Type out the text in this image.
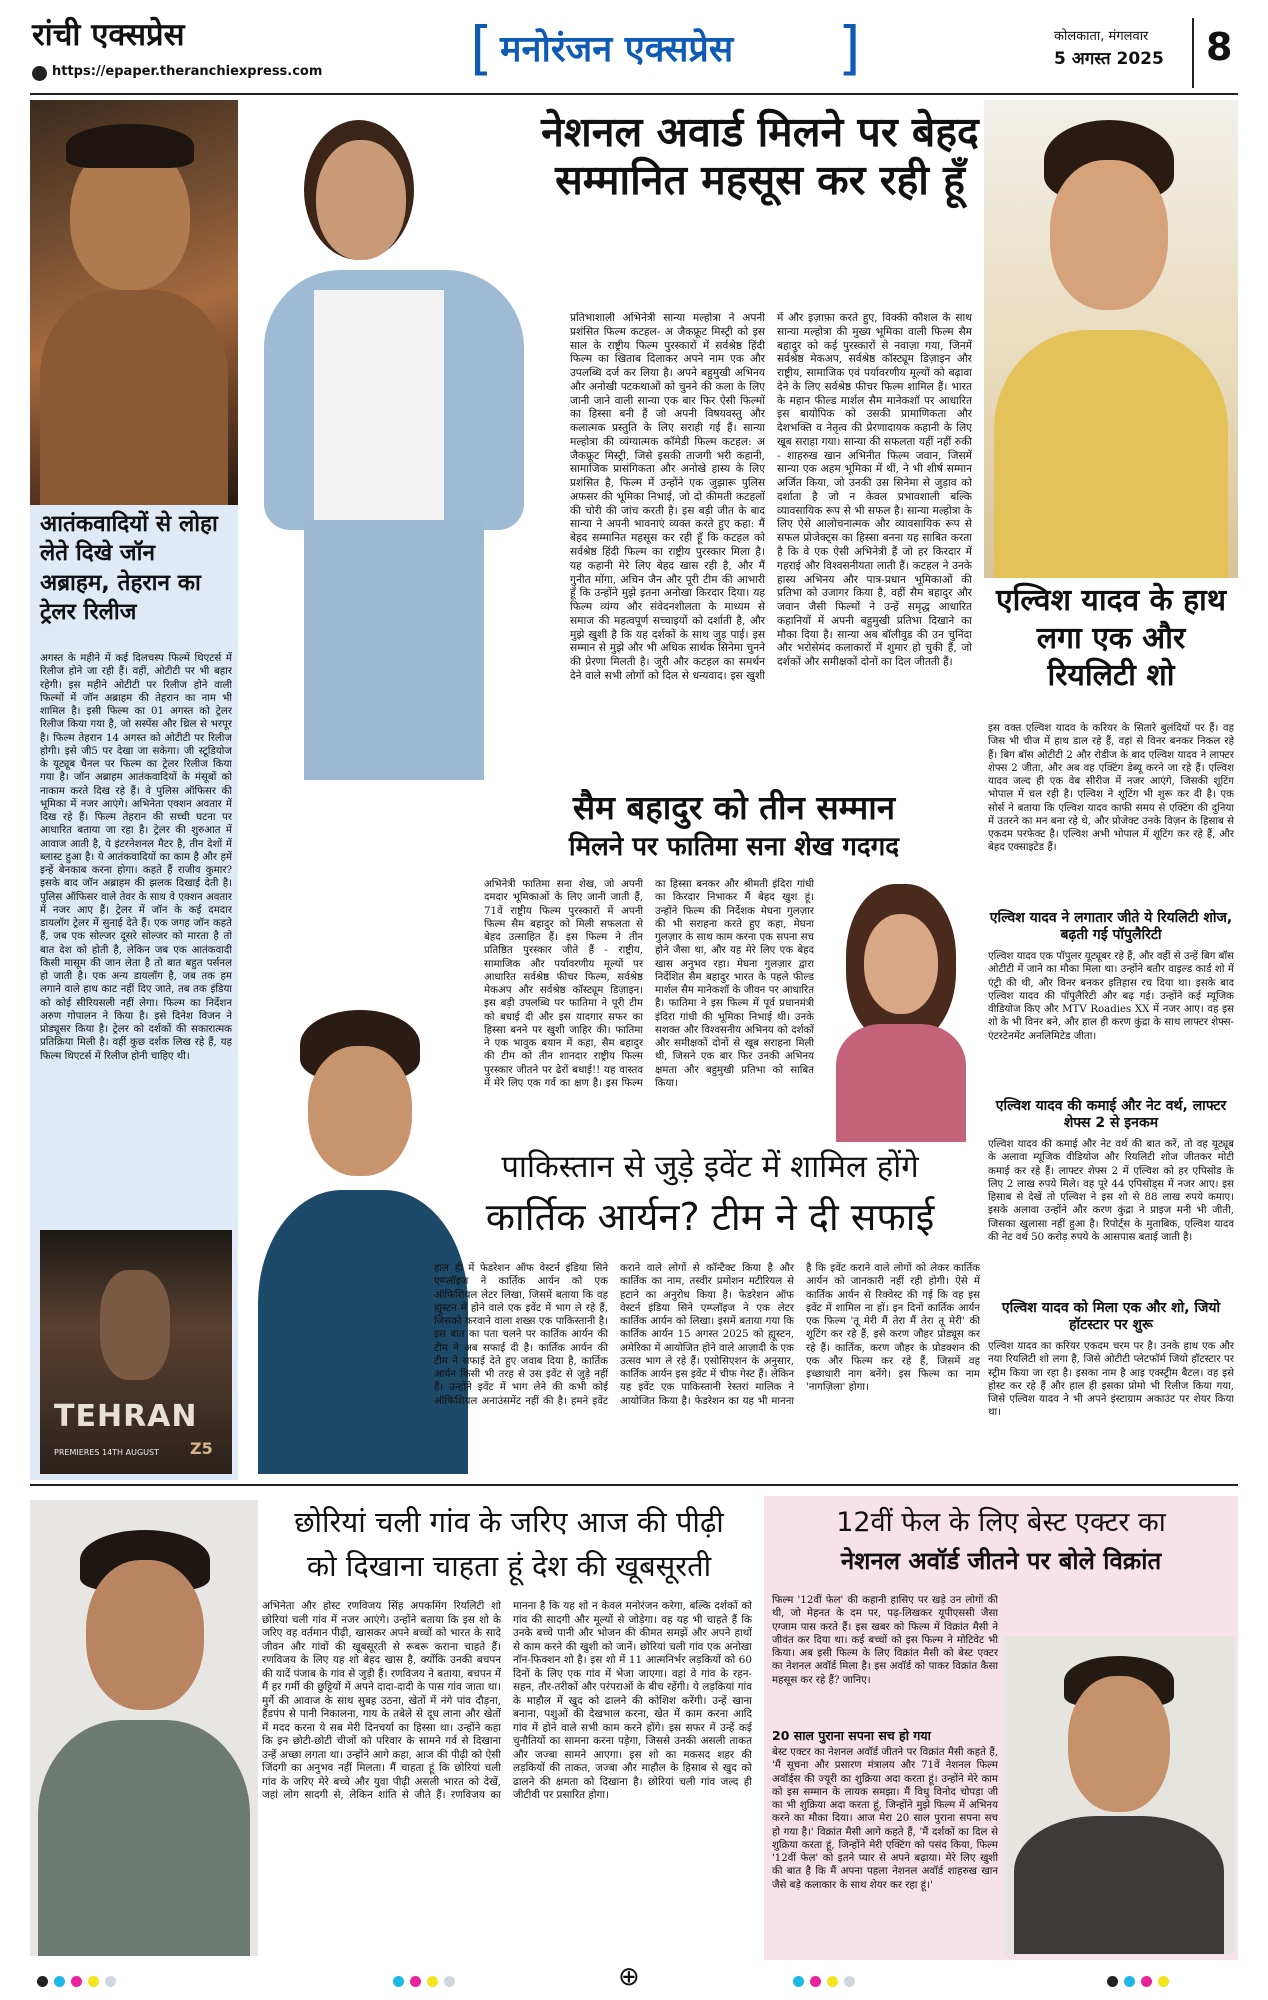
रांची एक्सप्रेस
https://epaper.theranchiexpress.com	[ मनोरंजन एक्सप्रेस ]	कोलकाता, मंगलवार
5 अगस्त 2025 8
आतंकवादियों से लोहा लेते दिखे जॉन अब्राहम, तेहरान का ट्रेलर रिलीज
अगस्त के महीने में कई दिलचस्प फिल्में थिएटर्स में रिलीज होने जा रही हैं। वहीं, ओटीटी पर भी बहार रहेगी। इस महीने ओटीटी पर रिलीज होने वाली फिल्मों में जॉन अब्राहम की तेहरान का नाम भी शामिल है। इसी फिल्म का 01 अगस्त को ट्रेलर रिलीज किया गया है, जो सस्पेंस और थ्रिल से भरपूर है। फिल्म तेहरान 14 अगस्त को ओटीटी पर रिलीज होगी। इसे जी5 पर देखा जा सकेगा। जी स्टूडियोज के यूट्यूब चैनल पर फिल्म का ट्रेलर रिलीज किया गया है। जॉन अब्राहम आतंकवादियों के मंसूबों को नाकाम करते दिख रहे हैं। वे पुलिस ऑफिसर की भूमिका में नजर आएंगे। अभिनेता एक्शन अवतार में दिख रहे हैं। फिल्म तेहरान की सच्ची घटना पर आधारित बताया जा रहा है। ट्रेलर की शुरुआत में आवाज आती है, ये इंटरनेशनल मैटर है, तीन देशों में ब्लास्ट हुआ है। ये आतंकवादियों का काम है और हमें इन्हें बेनकाब करना होगा। कहते हैं राजीव कुमार? इसके बाद जॉन अब्राहम की झलक दिखाई देती है। पुलिस ऑफिसर वाले तेवर के साथ वे एक्शन अवतार में नजर आए हैं। ट्रेलर में जॉन के कई दमदार डायलॉग ट्रेलर में सुनाई देते हैं। एक जगह जॉन कहते हैं, जब एक सोल्जर दूसरे सोल्जर को मारता है तो बात देश को होती है, लेकिन जब एक आतंकवादी किसी मासूम की जान लेता है तो बात बहुत पर्सनल हो जाती है। एक अन्य डायलॉग है, जब तक हम लगाने वाले हाथ काट नहीं दिए जाते, तब तक इंडिया को कोई सीरियसली नहीं लेगा। फिल्म का निर्देशन अरुण गोपालन ने किया है। इसे दिनेश विजन ने प्रोड्यूसर किया है। ट्रेलर को दर्शकों की सकारात्मक प्रतिक्रिया मिली है। वहीं कुछ दर्शक लिख रहे हैं, यह फिल्म थिएटर्स में रिलीज होनी चाहिए थी।
TEHRAN
PREMIERES 14TH AUGUST Z5
नेशनल अवार्ड मिलने पर बेहद सम्मानित महसूस कर रही हूँ
प्रतिभाशाली अभिनेत्री सान्या मल्होत्रा ने अपनी प्रशंसित फिल्म कटहल- अ जैकफ्रूट मिस्ट्री को इस साल के राष्ट्रीय फिल्म पुरस्कारों में सर्वश्रेष्ठ हिंदी फिल्म का खिताब दिलाकर अपने नाम एक और उपलब्धि दर्ज कर लिया है। अपने बहुमुखी अभिनय और अनोखी पटकथाओं को चुनने की कला के लिए जानी जाने वाली सान्या एक बार फिर ऐसी फिल्मों का हिस्सा बनी हैं जो अपनी विषयवस्तु और कलात्मक प्रस्तुति के लिए सराही गई हैं। सान्या मल्होत्रा की व्यंग्यात्मक कॉमेडी फिल्म कटहल: अ जैकफ्रूट मिस्ट्री, जिसे इसकी ताजगी भरी कहानी, सामाजिक प्रासंगिकता और अनोखे हास्य के लिए प्रशंसित है, फिल्म में उन्होंने एक जुझारू पुलिस अफसर की भूमिका निभाई, जो दो कीमती कटहलों की चोरी की जांच करती है। इस बड़ी जीत के बाद सान्या ने अपनी भावनाएं व्यक्त करते हुए कहा: मैं बेहद सम्मानित महसूस कर रही हूँ कि कटहल को सर्वश्रेष्ठ हिंदी फिल्म का राष्ट्रीय पुरस्कार मिला है। यह कहानी मेरे लिए बेहद खास रही है, और मैं गुनीत मोंगा, अचिन जैन और पूरी टीम की आभारी हूँ कि उन्होंने मुझे इतना अनोखा किरदार दिया। यह फिल्म व्यंग्य और संवेदनशीलता के माध्यम से समाज की महत्वपूर्ण सच्चाइयों को दर्शाती है, और मुझे खुशी है कि यह दर्शकों के साथ जुड़ पाई। इस सम्मान से मुझे और भी अधिक सार्थक सिनेमा चुनने की प्रेरणा मिलती है। जूरी और कटहल का समर्थन देने वाले सभी लोगों को दिल से धन्यवाद। इस खुशी में और इज़ाफ़ा करते हुए, विक्की कौशल के साथ सान्या मल्होत्रा की मुख्य भूमिका वाली फिल्म सैम बहादुर को कई पुरस्कारों से नवाज़ा गया, जिनमें सर्वश्रेष्ठ मेकअप, सर्वश्रेष्ठ कॉस्ट्यूम डिज़ाइन और राष्ट्रीय, सामाजिक एवं पर्यावरणीय मूल्यों को बढ़ावा देने के लिए सर्वश्रेष्ठ फीचर फिल्म शामिल हैं। भारत के महान फील्ड मार्शल सैम मानेकशॉ पर आधारित इस बायोपिक को उसकी प्रामाणिकता और देशभक्ति व नेतृत्व की प्रेरणादायक कहानी के लिए खूब सराहा गया। सान्या की सफलता यहीं नहीं रुकी - शाहरुख खान अभिनीत फिल्म जवान, जिसमें सान्या एक अहम भूमिका में थीं, ने भी शीर्ष सम्मान अर्जित किया, जो उनकी उस सिनेमा से जुड़ाव को दर्शाता है जो न केवल प्रभावशाली बल्कि व्यावसायिक रूप से भी सफल है। सान्या मल्होत्रा के लिए ऐसे आलोचनात्मक और व्यावसायिक रूप से सफल प्रोजेक्ट्स का हिस्सा बनना यह साबित करता है कि वे एक ऐसी अभिनेत्री हैं जो हर किरदार में गहराई और विश्वसनीयता लाती हैं। कटहल ने उनके हास्य अभिनय और पात्र-प्रधान भूमिकाओं की प्रतिभा को उजागर किया है, वहीं सैम बहादुर और जवान जैसी फिल्मों ने उन्हें समृद्ध आधारित कहानियों में अपनी बहुमुखी प्रतिभा दिखाने का मौका दिया है। सान्या अब बॉलीवुड की उन चुनिंदा और भरोसेमंद कलाकारों में शुमार हो चुकी हैं, जो दर्शकों और समीक्षकों दोनों का दिल जीतती हैं।
सैम बहादुर को तीन सम्मान
मिलने पर फातिमा सना शेख गदगद
अभिनेत्री फातिमा सना शेख, जो अपनी दमदार भूमिकाओं के लिए जानी जाती हैं, 71वें राष्ट्रीय फिल्म पुरस्कारों में अपनी फिल्म सैम बहादुर को मिली सफलता से बेहद उत्साहित हैं। इस फिल्म ने तीन प्रतिष्ठित पुरस्कार जीते हैं - राष्ट्रीय, सामाजिक और पर्यावरणीय मूल्यों पर आधारित सर्वश्रेष्ठ फीचर फिल्म, सर्वश्रेष्ठ मेकअप और सर्वश्रेष्ठ कॉस्ट्यूम डिज़ाइन। इस बड़ी उपलब्धि पर फातिमा ने पूरी टीम को बधाई दी और इस यादगार सफर का हिस्सा बनने पर खुशी जाहिर की। फातिमा ने एक भावुक बयान में कहा, सैम बहादुर की टीम को तीन शानदार राष्ट्रीय फिल्म पुरस्कार जीतने पर ढेरों बधाई!! यह वास्तव में मेरे लिए एक गर्व का क्षण है। इस फिल्म का हिस्सा बनकर और श्रीमती इंदिरा गांधी का किरदार निभाकर मैं बेहद खुश हूं। उन्होंने फिल्म की निर्देशक मेघना गुलज़ार की भी सराहना करते हुए कहा, मेघना गुलज़ार के साथ काम करना एक सपना सच होने जैसा था, और यह मेरे लिए एक बेहद खास अनुभव रहा। मेघना गुलज़ार द्वारा निर्देशित सैम बहादुर भारत के पहले फील्ड मार्शल सैम मानेकशॉ के जीवन पर आधारित है। फातिमा ने इस फिल्म में पूर्व प्रधानमंत्री इंदिरा गांधी की भूमिका निभाई थी। उनके सशक्त और विश्वसनीय अभिनय को दर्शकों और समीक्षकों दोनों से खूब सराहना मिली थी, जिसने एक बार फिर उनकी अभिनय क्षमता और बहुमुखी प्रतिभा को साबित किया।
एल्विश यादव के हाथ लगा एक और रियलिटी शो
इस वक्त एल्विश यादव के करियर के सितारे बुलंदियों पर हैं। वह जिस भी चीज में हाथ डाल रहे हैं, वहां से विनर बनकर निकल रहे हैं। बिग बॉस ओटीटी 2 और रोडीज के बाद एल्विश यादव ने लाफ्टर शेफ्स 2 जीता, और अब वह एक्टिंग डेब्यू करने जा रहे हैं। एल्विश यादव जल्द ही एक वेब सीरीज में नजर आएंगे, जिसकी शूटिंग भोपाल में चल रही है। एल्विश ने शूटिंग भी शुरू कर दी है। एक सोर्स ने बताया कि एल्विश यादव काफी समय से एक्टिंग की दुनिया में उतरने का मन बना रहे थे, और प्रोजेक्ट उनके विज़न के हिसाब से एकदम परफेक्ट है। एल्विश अभी भोपाल में शूटिंग कर रहे हैं, और बेहद एक्साइटेड हैं।
एल्विश यादव ने लगातार जीते ये रियलिटी शोज, बढ़ती गई पॉपुलैरिटी
एल्विश यादव एक पॉपुलर यूट्यूबर रहे हैं, और वहीं से उन्हें बिग बॉस ओटीटी में जाने का मौका मिला था। उन्होंने बतौर वाइल्ड कार्ड शो में एंट्री की थी, और विनर बनकर इतिहास रच दिया था। इसके बाद एल्विश यादव की पॉपुलैरिटी और बढ़ गई। उन्होंने कई म्यूजिक वीडियोज किए और MTV Roadies XX में नजर आए। वह इस शो के भी विनर बने, और हाल ही करण कुंद्रा के साथ लाफ्टर शेफ्स- एंटरटेनमेंट अनलिमिटेड जीता।
एल्विश यादव की कमाई और नेट वर्थ, लाफ्टर शेफ्स 2 से इनकम
एल्विश यादव की कमाई और नेट वर्थ की बात करें, तो वह यूट्यूब के अलावा म्यूजिक वीडियोज और रियलिटी शोज जीतकर मोटी कमाई कर रहे हैं। लाफ्टर शेफ्स 2 में एल्विश को हर एपिसोड के लिए 2 लाख रुपये मिले। वह पूरे 44 एपिसोड्स में नजर आए। इस हिसाब से देखें तो एल्विश ने इस शो से 88 लाख रुपये कमाए। इसके अलावा उन्होंने और करण कुंद्रा ने प्राइज मनी भी जीती, जिसका खुलासा नहीं हुआ है। रिपोर्ट्स के मुताबिक, एल्विश यादव की नेट वर्थ 50 करोड़ रुपये के आसपास बताई जाती है।
एल्विश यादव को मिला एक और शो, जियो हॉटस्टार पर शुरू
एल्विश यादव का करियर एकदम चरम पर है। उनके हाथ एक और नया रियलिटी शो लगा है, जिसे ओटीटी प्लेटफॉर्म जियो हॉटस्टार पर स्ट्रीम किया जा रहा है। इसका नाम है आइ एक्स्ट्रीम बैटल। वह इसे होस्ट कर रहे हैं और हाल ही इसका प्रोमो भी रिलीज किया गया, जिसे एल्विश यादव ने भी अपने इंस्टाग्राम अकाउंट पर शेयर किया था।
पाकिस्तान से जुड़े इवेंट में शामिल होंगे
कार्तिक आर्यन? टीम ने दी सफाई
हाल ही में फेडरेशन ऑफ वेस्टर्न इंडिया सिने एम्प्लॉइज ने कार्तिक आर्यन को एक ऑफिशियल लेटर लिखा, जिसमें बताया कि वह ह्यूस्टन में होने वाले एक इवेंट में भाग ले रहे हैं, जिसको करवाने वाला शख्स एक पाकिस्तानी है। इस बात का पता चलने पर कार्तिक आर्यन की टीम ने अब सफाई दी है। कार्तिक आर्यन की टीम ने सफाई देते हुए जवाब दिया है, कार्तिक आर्यन किसी भी तरह से उस इवेंट से जुड़े नहीं हैं। उन्होंने इवेंट में भाग लेने की कभी कोई ऑफिशियल अनाउंसमेंट नहीं की है। हमने इवेंट कराने वाले लोगों से कॉन्टैक्ट किया है और कार्तिक का नाम, तस्वीर प्रमोशन मटीरियल से हटाने का अनुरोध किया है। फेडरेशन ऑफ वेस्टर्न इंडिया सिने एम्प्लॉइज ने एक लेटर कार्तिक आर्यन को लिखा। इसमें बताया गया कि कार्तिक आर्यन 15 अगस्त 2025 को ह्यूस्टन, अमेरिका में आयोजित होने वाले आज़ादी के एक उत्सव भाग ले रहे हैं। एसोसिएशन के अनुसार, कार्तिक आर्यन इस इवेंट में चीफ गेस्ट हैं। लेकिन यह इवेंट एक पाकिस्तानी रेस्तरां मालिक ने आयोजित किया है। फेडरेशन का यह भी मानना है कि इवेंट कराने वाले लोगों को लेकर कार्तिक आर्यन को जानकारी नहीं रही होगी। ऐसे में कार्तिक आर्यन से रिक्वेस्ट की गई कि वह इस इवेंट में शामिल ना हों। इन दिनों कार्तिक आर्यन एक फिल्म 'तू मेरी मैं तेरा मैं तेरा तू मेरी' की शूटिंग कर रहे हैं, इसे करण जौहर प्रोड्यूस कर रहे हैं। कार्तिक, करण जौहर के प्रोडक्शन की एक और फिल्म कर रहे हैं, जिसमें वह इच्छाधारी नाग बनेंगे। इस फिल्म का नाम 'नागज़िला' होगा।
छोरियां चली गांव के जरिए आज की पीढ़ी
को दिखाना चाहता हूं देश की खूबसूरती
अभिनेता और होस्ट रणविजय सिंह अपकमिंग रियलिटी शो छोरियां चली गांव में नजर आएंगे। उन्होंने बताया कि इस शो के जरिए वह वर्तमान पीढ़ी, खासकर अपने बच्चों को भारत के सादे जीवन और गांवों की खूबसूरती से रूबरू कराना चाहते हैं। रणविजय के लिए यह शो बेहद खास है, क्योंकि उनकी बचपन की यादें पंजाब के गांव से जुड़ी हैं। रणविजय ने बताया, बचपन में मैं हर गर्मी की छुट्टियों में अपने दादा-दादी के पास गांव जाता था। मुर्गे की आवाज के साथ सुबह उठना, खेतों में नंगे पांव दौड़ना, हैंडपंप से पानी निकालना, गाय के तबेले से दूध लाना और खेतों में मदद करना ये सब मेरी दिनचर्या का हिस्सा था। उन्होंने कहा कि इन छोटी-छोटी चीजों को परिवार के सामने गर्व से दिखाना उन्हें अच्छा लगता था। उन्होंने आगे कहा, आज की पीढ़ी को ऐसी जिंदगी का अनुभव नहीं मिलता। मैं चाहता हूं कि छोरियां चली गांव के जरिए मेरे बच्चे और युवा पीढ़ी असली भारत को देखें, जहां लोग सादगी से, लेकिन शांति से जीते हैं। रणविजय का मानना है कि यह शो न केवल मनोरंजन करेगा, बल्कि दर्शकों को गांव की सादगी और मूल्यों से जोड़ेगा। वह यह भी चाहते हैं कि उनके बच्चे पानी और भोजन की कीमत समझें और अपने हाथों से काम करने की खुशी को जानें। छोरियां चली गांव एक अनोखा नॉन-फिक्शन शो है। इस शो में 11 आत्मनिर्भर लड़कियों को 60 दिनों के लिए एक गांव में भेजा जाएगा। वहां वे गांव के रहन-सहन, तौर-तरीकों और परंपराओं के बीच रहेंगी। ये लड़कियां गांव के माहौल में खुद को ढालने की कोशिश करेंगी। उन्हें खाना बनाना, पशुओं की देखभाल करना, खेत में काम करना आदि गांव में होने वाले सभी काम करने होंगे। इस सफर में उन्हें कई चुनौतियों का सामना करना पड़ेगा, जिससे उनकी असली ताकत और जज्बा सामने आएगा। इस शो का मकसद शहर की लड़कियों की ताकत, जज्बा और माहौल के हिसाब से खुद को ढालने की क्षमता को दिखाना है। छोरियां चली गांव जल्द ही जीटीवी पर प्रसारित होगा।
12वीं फेल के लिए बेस्ट एक्टर का
नेशनल अवॉर्ड जीतने पर बोले विक्रांत
फिल्म '12वीं फेल' की कहानी हासिए पर खड़े उन लोगों की थी, जो मेहनत के दम पर, पढ़-लिखकर यूपीएससी जैसा एग्जाम पास करते हैं। इस खबर को फिल्म में विक्रांत मैसी ने जीवंत कर दिया था। कई बच्चों को इस फिल्म ने मोटिवेट भी किया। अब इसी फिल्म के लिए विक्रांत मैसी को बेस्ट एक्टर का नेशनल अवॉर्ड मिला है। इस अवॉर्ड को पाकर विक्रांत कैसा महसूस कर रहे हैं? जानिए।
20 साल पुराना सपना सच हो गया
बेस्ट एक्टर का नेशनल अवॉर्ड जीतने पर विक्रांत मैसी कहते हैं, 'मैं सूचना और प्रसारण मंत्रालय और 71वें नेशनल फिल्म अवॉर्ड्स की ज्यूरी का शुक्रिया अदा करता हूं। उन्होंने मेरे काम को इस सम्मान के लायक समझा। मैं विधु विनोद चोपड़ा जी का भी शुक्रिया अदा करता हूं, जिन्होंने मुझे फिल्म में अभिनय करने का मौका दिया। आज मेरा 20 साल पुराना सपना सच हो गया है।' विक्रांत मैसी आगे कहते हैं, 'मैं दर्शकों का दिल से शुक्रिया करता हूं, जिन्होंने मेरी एक्टिंग को पसंद किया, फिल्म '12वीं फेल' को इतने प्यार से अपने बढ़ाया। मेरे लिए खुशी की बात है कि मैं अपना पहला नेशनल अवॉर्ड शाहरुख खान जैसे बड़े कलाकार के साथ शेयर कर रहा हूं।'
⊕
